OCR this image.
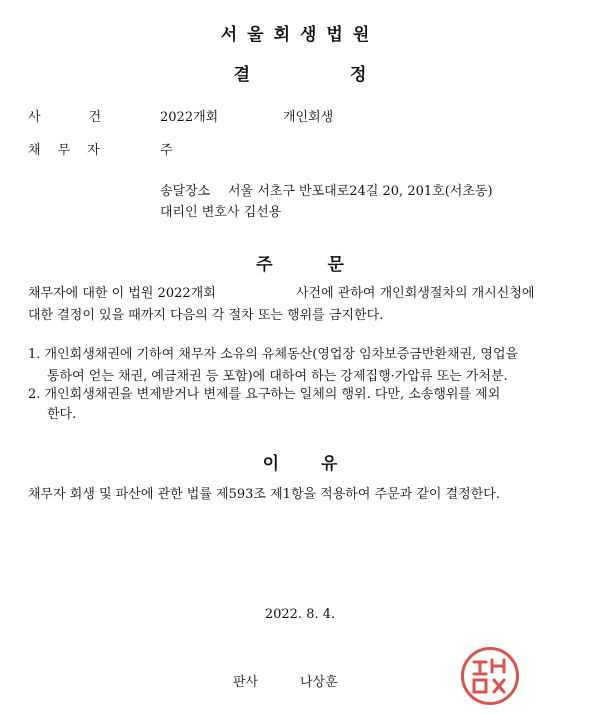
서울회생법원
결	정
사	건	2022개회	개인회생
채 무 자	주
송달장소 서울 서초구 반포대로24길 20, 201호(서초동)
대리인 변호사 김선용
주	문
채무자에 대한 이 법원 2022개회	사건에 관하여 개인회생절차의 개시신청에
대한 결정이 있을 때까지 다음의 각 절차 또는 행위를 금지한다.
1. 개인회생채권에 기하여 채무자 소유의 유체동산(영업장 임차보증금반환채권, 영업을
통하여 얻는 채권, 예금채권 등 포함)에 대하여 하는 강제집행·가압류 또는 가처분.
2. 개인회생채권을 변제받거나 변제를 요구하는 일체의 행위. 다만, 소송행위를 제외
한다.
이 유
채무자 회생 및 파산에 관한 법률 제593조 제1항을 적용하여 주문과 같이 결정한다.
2022. 8. 4.
판사	나상훈
